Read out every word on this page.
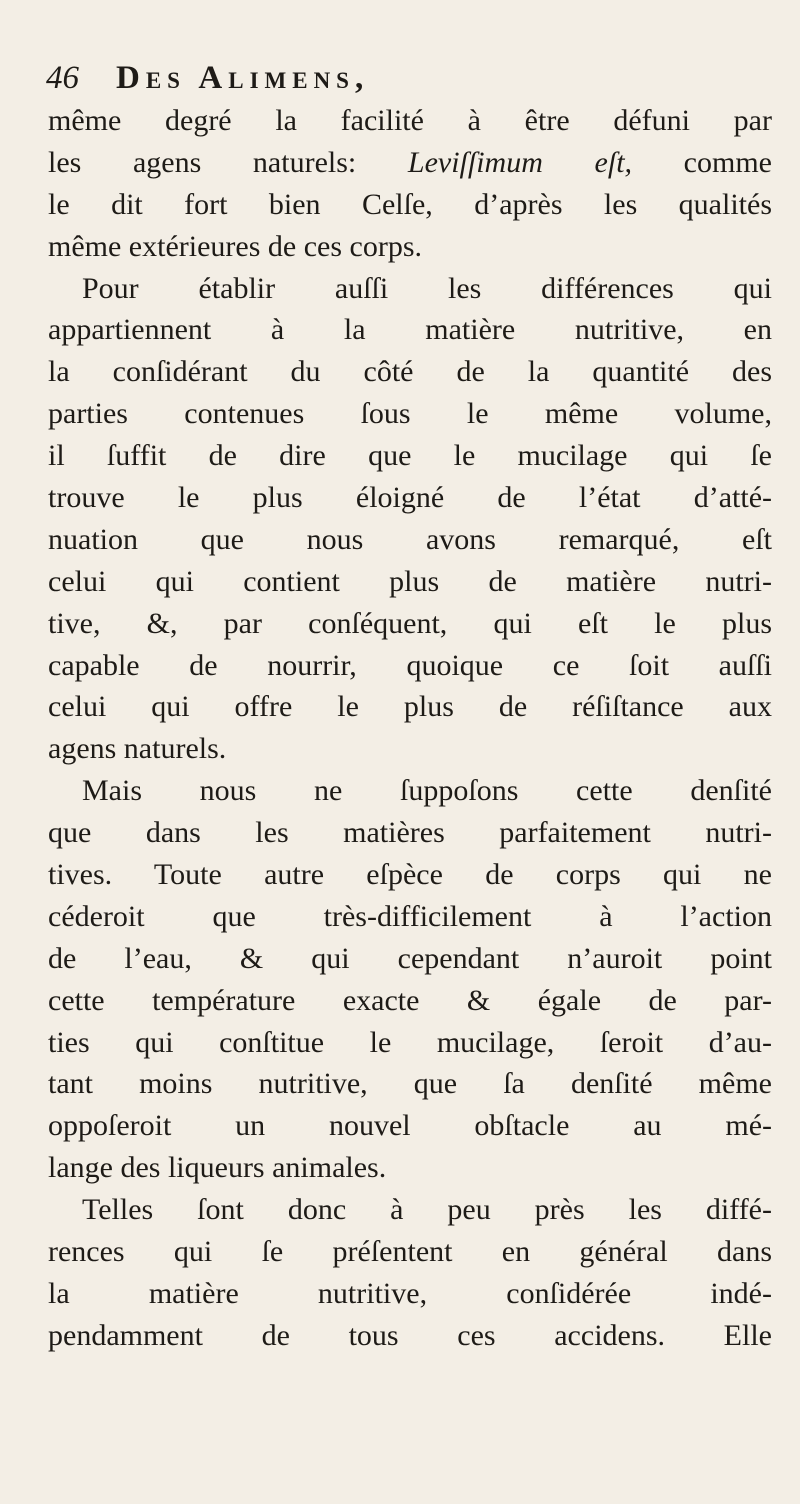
46	Des Alimens,
même degré la facilité à être défuni par
les agens naturels: Leviſſimum eſt, comme
le dit fort bien Celſe, d’après les qualités
même extérieures de ces corps.
Pour établir auſſi les différences qui
appartiennent à la matière nutritive, en
la conſidérant du côté de la quantité des
parties contenues ſous le même volume,
il ſuffit de dire que le mucilage qui ſe
trouve le plus éloigné de l’état d’atté-
nuation que nous avons remarqué, eſt
celui qui contient plus de matière nutri-
tive, &, par conſéquent, qui eſt le plus
capable de nourrir, quoique ce ſoit auſſi
celui qui offre le plus de réſiſtance aux
agens naturels.
Mais nous ne ſuppoſons cette denſité
que dans les matières parfaitement nutri-
tives. Toute autre eſpèce de corps qui ne
céderoit que très-difficilement à l’action
de l’eau, & qui cependant n’auroit point
cette température exacte & égale de par-
ties qui conſtitue le mucilage, ſeroit d’au-
tant moins nutritive, que ſa denſité même
oppoſeroit un nouvel obſtacle au mé-
lange des liqueurs animales.
Telles ſont donc à peu près les diffé-
rences qui ſe préſentent en général dans
la matière nutritive, conſidérée indé-
pendamment de tous ces accidens. Elle
